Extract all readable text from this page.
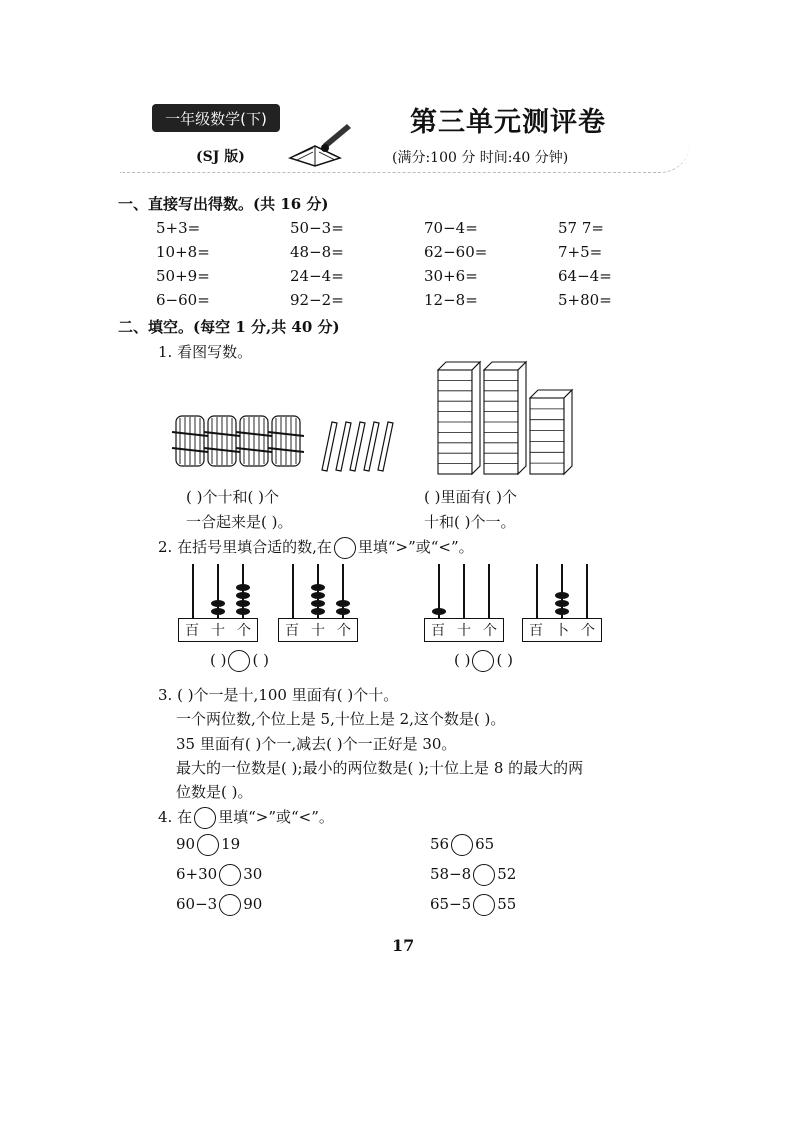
一年级数学(下)
(SJ 版)
第三单元测评卷
(满分:100 分 时间:40 分钟)
一、直接写出得数。(共 16 分)
5+3=	50−3=	70−4=	57 7=
10+8=	48−8=	62−60=	7+5=
50+9=	24−4=	30+6=	64−4=
6−60=	92−2=	12−8=	5+80=
二、填空。(每空 1 分,共 40 分)
1. 看图写数。
( )个十和( )个
一合起来是( )。
( )里面有( )个
十和( )个一。
2. 在括号里填合适的数,在 里填“>”或“<”。
百 十 个 百 十 个	百 十 个 百 卜 个
( ) ( )	( ) ( )
3. ( )个一是十,100 里面有( )个十。
一个两位数,个位上是 5,十位上是 2,这个数是( )。
35 里面有( )个一,减去( )个一正好是 30。
最大的一位数是( );最小的两位数是( );十位上是 8 的最大的两
位数是( )。
4. 在 里填“>”或“<”。
90 19	56 65
6+30 30	58−8 52
60−3 90	65−5 55
17
